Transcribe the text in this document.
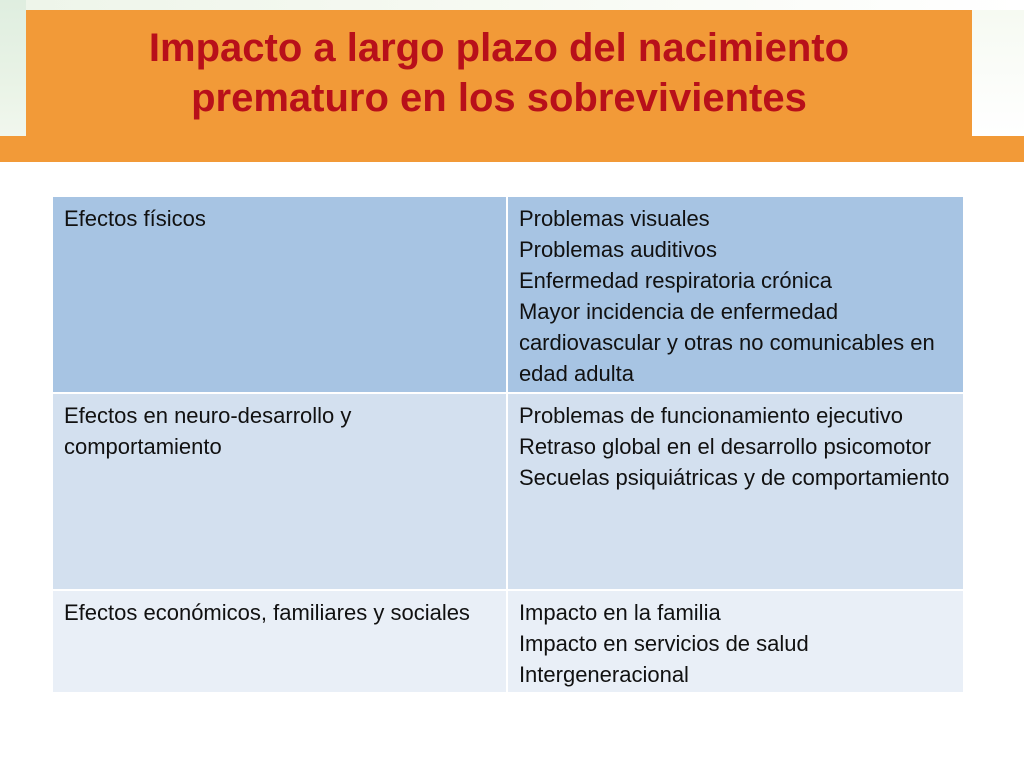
Impacto a largo plazo del nacimiento prematuro en los sobrevivientes
Efectos físicos	Problemas visuales
Problemas auditivos
Enfermedad respiratoria crónica
Mayor incidencia de enfermedad cardiovascular y otras no comunicables en edad adulta
Efectos en neuro-desarrollo y comportamiento	Problemas de funcionamiento ejecutivo
Retraso global en el desarrollo psicomotor
Secuelas psiquiátricas y de comportamiento
Efectos económicos, familiares y sociales	Impacto en la familia
Impacto en servicios de salud
Intergeneracional
